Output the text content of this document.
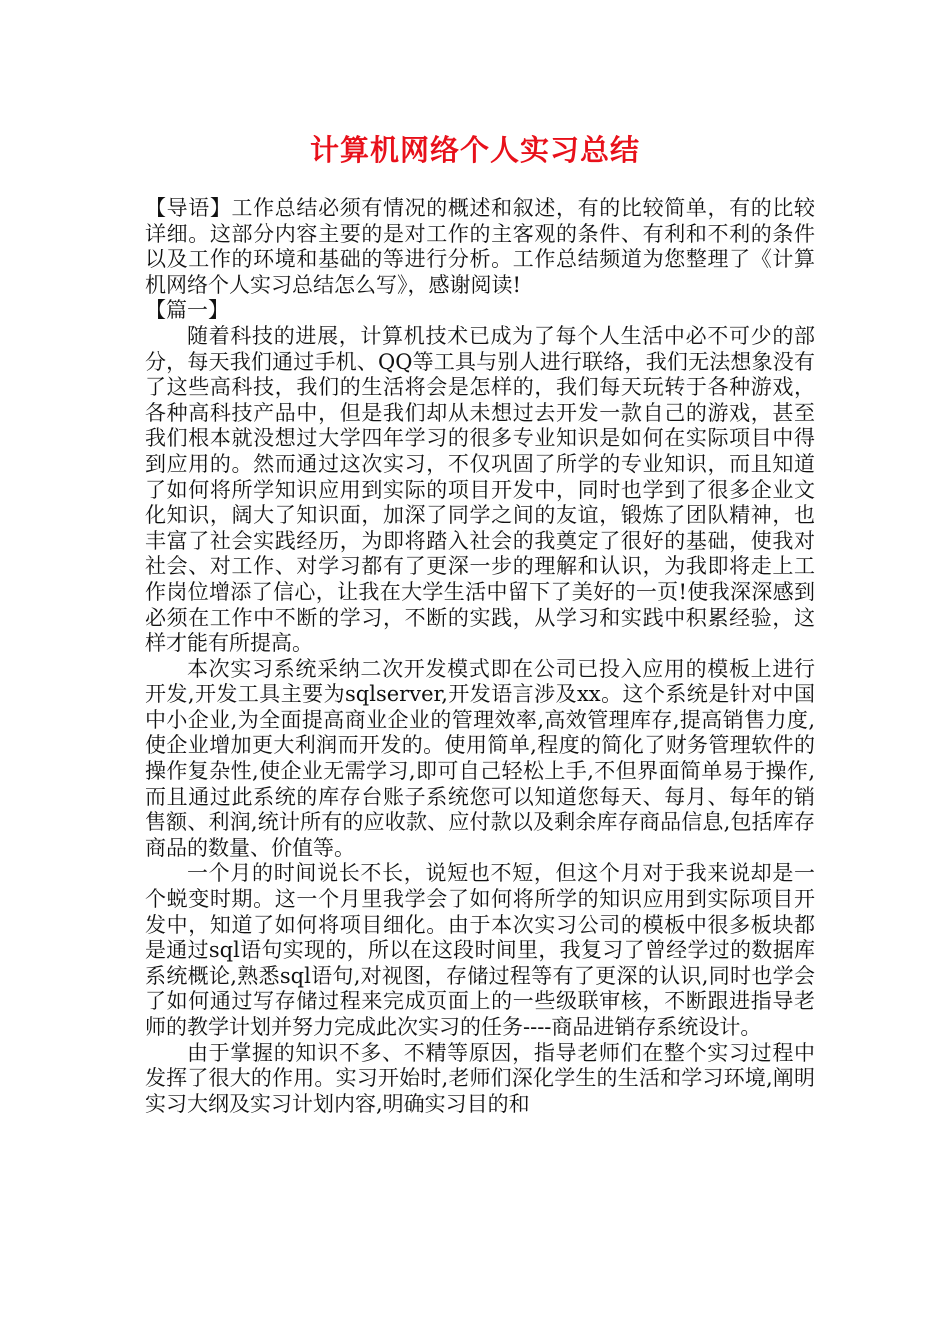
计算机网络个人实习总结

【导语】工作总结必须有情况的概述和叙述，有的比较简单，有的比较详细。这部分内容主要的是对工作的主客观的条件、有利和不利的条件以及工作的环境和基础的等进行分析。工作总结频道为您整理了《计算机网络个人实习总结怎么写》，感谢阅读!

【篇一】

随着科技的进展，计算机技术已成为了每个人生活中必不可少的部分，每天我们通过手机、QQ等工具与别人进行联络，我们无法想象没有了这些高科技，我们的生活将会是怎样的，我们每天玩转于各种游戏，各种高科技产品中，但是我们却从未想过去开发一款自己的游戏，甚至我们根本就没想过大学四年学习的很多专业知识是如何在实际项目中得到应用的。然而通过这次实习，不仅巩固了所学的专业知识，而且知道了如何将所学知识应用到实际的项目开发中，同时也学到了很多企业文化知识，阔大了知识面，加深了同学之间的友谊，锻炼了团队精神，也丰富了社会实践经历，为即将踏入社会的我奠定了很好的基础，使我对社会、对工作、对学习都有了更深一步的理解和认识，为我即将走上工作岗位增添了信心，让我在大学生活中留下了美好的一页!使我深深感到必须在工作中不断的学习，不断的实践，从学习和实践中积累经验，这样才能有所提高。

本次实习系统采纳二次开发模式即在公司已投入应用的模板上进行开发,开发工具主要为sqlserver,开发语言涉及xx。这个系统是针对中国中小企业,为全面提高商业企业的管理效率,高效管理库存,提高销售力度,使企业增加更大利润而开发的。使用简单,程度的简化了财务管理软件的操作复杂性,使企业无需学习,即可自己轻松上手,不但界面简单易于操作,而且通过此系统的库存台账子系统您可以知道您每天、每月、每年的销售额、利润,统计所有的应收款、应付款以及剩余库存商品信息,包括库存商品的数量、价值等。

一个月的时间说长不长，说短也不短，但这个月对于我来说却是一个蜕变时期。这一个月里我学会了如何将所学的知识应用到实际项目开发中，知道了如何将项目细化。由于本次实习公司的模板中很多板块都是通过sql语句实现的，所以在这段时间里，我复习了曾经学过的数据库系统概论,熟悉sql语句,对视图，存储过程等有了更深的认识,同时也学会了如何通过写存储过程来完成页面上的一些级联审核，不断跟进指导老师的教学计划并努力完成此次实习的任务----商品进销存系统设计。

由于掌握的知识不多、不精等原因，指导老师们在整个实习过程中发挥了很大的作用。实习开始时,老师们深化学生的生活和学习环境,阐明实习大纲及实习计划内容,明确实习目的和
